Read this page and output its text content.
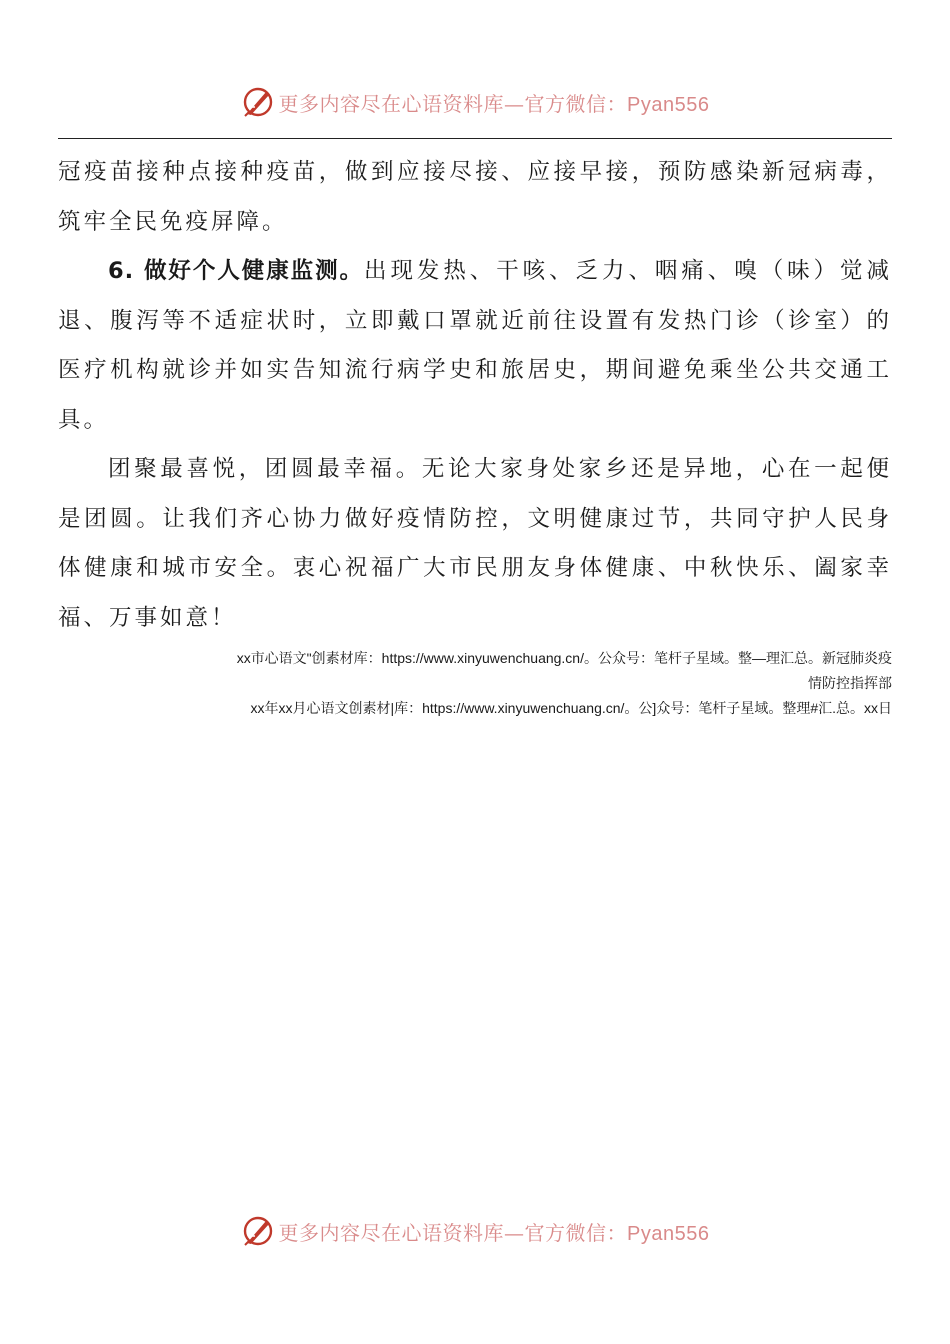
更多内容尽在心语资料库—官方微信：Pyan556

冠疫苗接种点接种疫苗，做到应接尽接、应接早接，预防感染新冠病毒，筑牢全民免疫屏障。

6. 做好个人健康监测。出现发热、干咳、乏力、咽痛、嗅（味）觉减退、腹泻等不适症状时，立即戴口罩就近前往设置有发热门诊（诊室）的医疗机构就诊并如实告知流行病学史和旅居史，期间避免乘坐公共交通工具。

团聚最喜悦，团圆最幸福。无论大家身处家乡还是异地，心在一起便是团圆。让我们齐心协力做好疫情防控，文明健康过节，共同守护人民身体健康和城市安全。衷心祝福广大市民朋友身体健康、中秋快乐、阖家幸福、万事如意！

xx市心语文"创素材库：https://www.xinyuwenchuang.cn/。公众号：笔杆子星域。整—理汇总。新冠肺炎疫

情防控指挥部

xx年xx月心语文创素材|库：https://www.xinyuwenchuang.cn/。公]众号：笔杆子星域。整理#汇.总。xx日

更多内容尽在心语资料库—官方微信：Pyan556
